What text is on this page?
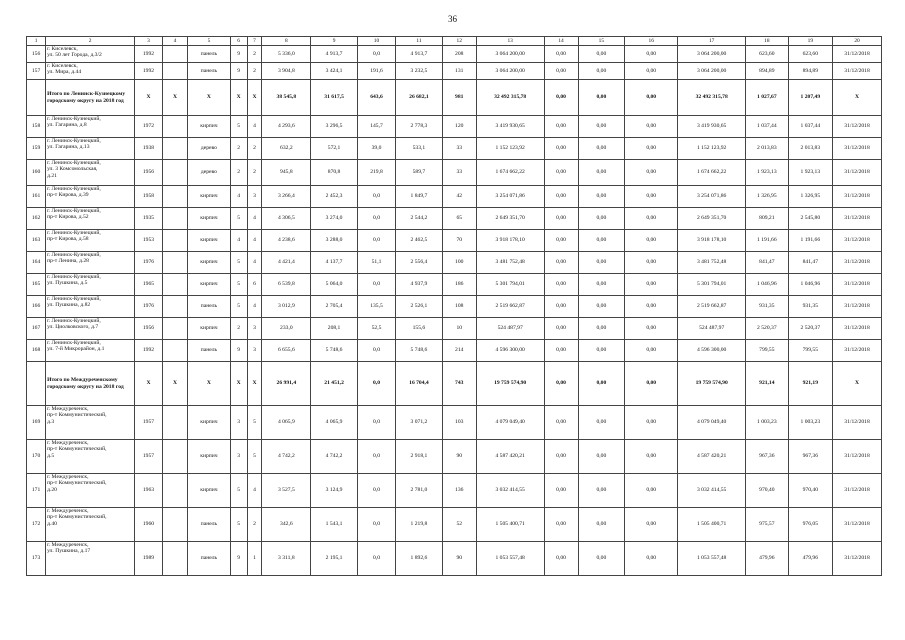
36
1	2	3	4	5	6	7	8	9	10	11	12	13	14	15	16	17	18	19	20
156	г. Киселевск,
ул. 50 лет Города, д.3/2	1992		панель	9	2	5 336,0	4 913,7	0,0	4 913,7	208	3 064 200,00	0,00	0,00	0,00	3 064 200,00	623,60	623,60	31/12/2018
157	г. Киселевск,
ул. Мира, д.44	1992		панель	9	2	3 904,8	3 424,1	191,6	3 232,5	131	3 064 200,00	0,00	0,00	0,00	3 064 200,00	894,89	894,89	31/12/2018
	Итого по Ленинск-Кузнецкому городскому округу на 2018 год	X	X	X	X	X	38 545,8	31 617,5	643,6	26 682,1	981	32 492 315,78	0,00	0,00	0,00	32 492 315,78	1 027,67	1 207,49	X
158	г. Ленинск-Кузнецкий,
ул. Гагарина, д.8	1972		кирпич	5	4	4 293,6	3 296,5	145,7	2 778,3	120	3 419 930,65	0,00	0,00	0,00	3 419 930,65	1 037,44	1 037,44	31/12/2018
159	г. Ленинск-Кузнецкий,
ул. Гагарина, д.13	1938		дерево	2	2	632,2	572,1	39,0	533,1	33	1 152 123,92	0,00	0,00	0,00	1 152 123,92	2 013,83	2 013,83	31/12/2018
160	г. Ленинск-Кузнецкий,
ул. 3 Комсомольская,
д.21	1956		дерево	2	2	945,8	870,8	219,8	589,7	33	1 674 662,22	0,00	0,00	0,00	1 674 662,22	1 923,13	1 923,13	31/12/2018
161	г. Ленинск-Кузнецкий,
пр-т Кирова, д.39	1958		кирпич	4	3	3 266,4	2 452,3	0,0	1 849,7	42	3 254 071,86	0,00	0,00	0,00	3 254 071,86	1 326,95	1 326,95	31/12/2018
162	г. Ленинск-Кузнецкий,
пр-т Кирова, д.52	1935		кирпич	5	4	4 306,5	3 274,0	0,0	2 544,2	65	2 649 351,70	0,00	0,00	0,00	2 649 351,70	809,21	2 545,80	31/12/2018
163	г. Ленинск-Кузнецкий,
пр-т Кирова, д.58	1953		кирпич	4	4	4 238,6	3 288,0	0,0	2 462,5	70	3 918 178,10	0,00	0,00	0,00	3 918 178,10	1 191,66	1 191,66	31/12/2018
164	г. Ленинск-Кузнецкий,
пр-т Ленина, д.28	1976		кирпич	5	4	4 421,4	4 137,7	51,1	2 556,4	100	3 481 752,48	0,00	0,00	0,00	3 481 752,48	841,47	841,47	31/12/2018
165	г. Ленинск-Кузнецкий,
ул. Пушкина, д.5	1965		кирпич	5	6	6 539,8	5 064,0	0,0	4 937,9	186	5 301 794,01	0,00	0,00	0,00	5 301 794,01	1 046,96	1 046,96	31/12/2018
166	г. Ленинск-Кузнецкий,
ул. Пушкина, д.82	1976		панель	5	4	3 012,9	2 705,4	135,5	2 526,1	108	2 519 662,87	0,00	0,00	0,00	2 519 662,87	931,35	931,35	31/12/2018
167	г. Ленинск-Кузнецкий,
ул. Циолковского, д.7	1956		кирпич	2	3	233,0	208,1	52,5	155,6	10	524 487,97	0,00	0,00	0,00	524 487,97	2 520,37	2 520,37	31/12/2018
168	г. Ленинск-Кузнецкий,
ул. 7-й Микрорайон, д.1	1992		панель	9	3	6 655,6	5 748,6	0,0	5 748,6	214	4 596 300,00	0,00	0,00	0,00	4 596 300,00	799,55	799,55	31/12/2018
	Итого по Междуреченскому городскому округу на 2018 год	X	X	X	X	X	26 991,4	21 451,2	0,0	16 704,4	743	19 759 574,90	0,00	0,00	0,00	19 759 574,90	921,14	921,19	X
169	г. Междуреченск,
пр-т Коммунистический,
д.3	1957		кирпич	3	5	4 065,9	4 065,9	0,0	3 071,2	103	4 079 049,40	0,00	0,00	0,00	4 079 049,40	1 003,23	1 003,23	31/12/2018
170	г. Междуреченск,
пр-т Коммунистический,
д.5	1957		кирпич	3	5	4 742,2	4 742,2	0,0	2 918,1	90	4 587 420,21	0,00	0,00	0,00	4 587 420,21	967,36	967,36	31/12/2018
171	г. Междуреченск,
пр-т Коммунистический,
д.20	1963		кирпич	5	4	3 527,5	3 124,9	0,0	2 781,0	136	3 032 414,55	0,00	0,00	0,00	3 032 414,55	970,40	970,40	31/12/2018
172	г. Междуреченск,
пр-т Коммунистический,
д.40	1960		панель	5	2	342,6	1 543,1	0,0	1 219,8	52	1 505 400,71	0,00	0,00	0,00	1 505 400,71	975,57	976,05	31/12/2018
173	г. Междуреченск,
ул. Пушкина, д.17	1989		панель	9	1	3 311,8	2 195,1	0,0	1 892,6	90	1 053 557,48	0,00	0,00	0,00	1 053 557,48	479,96	479,96	31/12/2018
